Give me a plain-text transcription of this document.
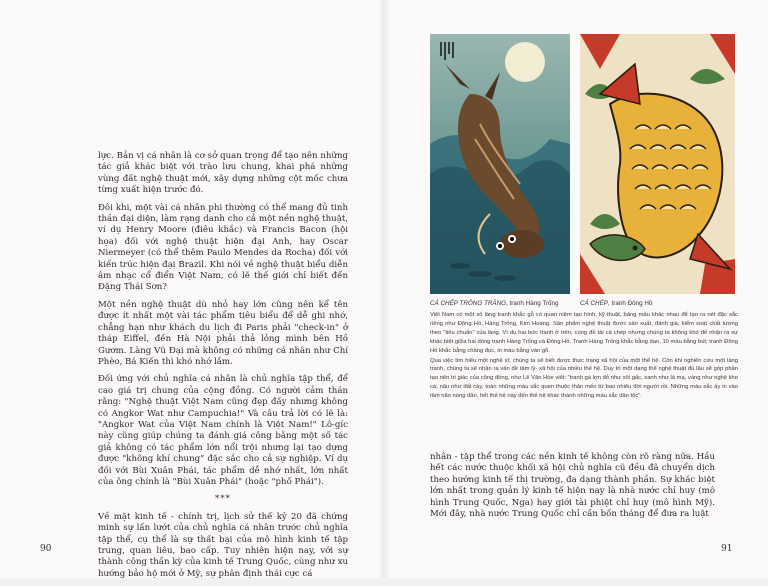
lực. Bản vị cá nhân là cơ sở quan trọng để tạo nên những tác giả khác biệt với trào lưu chung, khai phá những vùng đất nghệ thuật mới, xây dựng những cột mốc chưa từng xuất hiện trước đó.

Đôi khi, một vài cá nhân phi thường có thể mang đủ tinh thần đại diện, làm rạng danh cho cả một nền nghệ thuật, ví dụ Henry Moore (điêu khắc) và Francis Bacon (hội họa) đối với nghệ thuật hiện đại Anh, hay Oscar Niermeyer (có thể thêm Paulo Mendes da Rocha) đối với kiến trúc hiện đại Brazil. Khi nói về nghệ thuật biểu diễn âm nhạc cổ điển Việt Nam, có lẽ thế giới chỉ biết đến Đặng Thái Sơn?

Một nền nghệ thuật dù nhỏ hay lớn cũng nên kể tên được ít nhất một vài tác phẩm tiêu biểu để dễ ghi nhớ, chẳng hạn như khách du lịch đi Paris phải "check-in" ở tháp Eiffel, đến Hà Nội phải thả lỏng mình bên Hồ Gươm. Làng Vũ Đại mà không có những cá nhân như Chí Phèo, Bá Kiến thì khó nhớ lắm.

Đối ứng với chủ nghĩa cá nhân là chủ nghĩa tập thể, để cao giá trị chung của cộng đồng. Có người cảm thán rằng: "Nghệ thuật Việt Nam cũng đẹp đấy nhưng không có Angkor Wat như Campuchia!" Và câu trả lời có lẽ là: "Angkor Wat của Việt Nam chính là Việt Nam!" Lô-gíc này cũng giúp chúng ta đánh giá công bằng một số tác giả không có tác phẩm lớn nổi trội nhưng lại tạo dựng được "không khí chung" đặc sắc cho cả sự nghiệp. Ví dụ đối với Bùi Xuân Phái, tác phẩm dễ nhớ nhất, lớn nhất của ông chính là "Bùi Xuân Phái" (hoặc "phố Phái").

***

Về mặt kinh tế - chính trị, lịch sử thế kỷ 20 đã chứng minh sự lấn lướt của chủ nghĩa cá nhân trước chủ nghĩa tập thể, cụ thể là sự thất bại của mô hình kinh tế tập trung, quan liêu, bao cấp. Tuy nhiên hiện nay, với sự thành công thần kỳ của kinh tế Trung Quốc, cùng như xu hướng bảo hộ mới ở Mỹ, sự phân định thái cực cá

90
CÁ CHÉP TRÔNG TRĂNG, tranh Hàng Trống	CÁ CHÉP, tranh Đông Hồ

Việt Nam có một số làng tranh khắc gỗ có quan niệm tạo hình, kỹ thuật, bảng màu khác nhau để tạo ra nét đặc sắc riêng như Đông Hồ, Hàng Trống, Kim Hoàng. Sản phẩm nghệ thuật được sản xuất, đánh giá, kiểm soát chất lượng theo "tiêu chuẩn" của làng. Ví dụ hai bức tranh ở trên, cùng đề tài cá chép nhưng chúng ta không khó để nhận ra sự khác biệt giữa hai dòng tranh Hàng Trống và Đông Hồ. Tranh Hàng Trống khắc bằng dao, 10 màu bằng bút; tranh Đông Hồ khắc bằng chàng đục, in màu bằng ván gỗ.

Qua việc tìm hiểu một nghệ sĩ, chúng ta sẽ biết được thực trạng xã hội của một thể hệ. Còn khi nghiên cứu một làng tranh, chúng ta sẽ nhận ra vấn đề tâm lý- xã hội của nhiều thế hệ. Duy trì một dạng thể nghệ thuật đủ lâu sẽ góp phần tạo nên tri giác của cộng đồng, như Lê Văn Hòe viết: "tranh gà lợn đỏ như xôi gấc, xanh như lá mạ, vàng như nghệ kho cá, nâu như đất cày, toàn những màu sắc quen thuộc thân mến từ bao nhiêu đời người rồi. Những màu sắc ấy in vào tâm não nòng dân, hết thế hệ này đến thế hệ khác thành những màu sắc dân tộc".

nhân - tập thể trong các nền kinh tế không còn rõ ràng nữa. Hầu hết các nước thuộc khối xã hội chủ nghĩa cũ đều đã chuyển dịch theo hướng kinh tế thị trường, đa dạng thành phần. Sự khác biệt lớn nhất trong quản lý kinh tế hiện nay là nhà nước chỉ huy (mô hình Trung Quốc, Nga) hay giới tài phiệt chỉ huy (mô hình Mỹ). Mới đây, nhà nước Trung Quốc chỉ cần bốn tháng để đưa ra luật

91
